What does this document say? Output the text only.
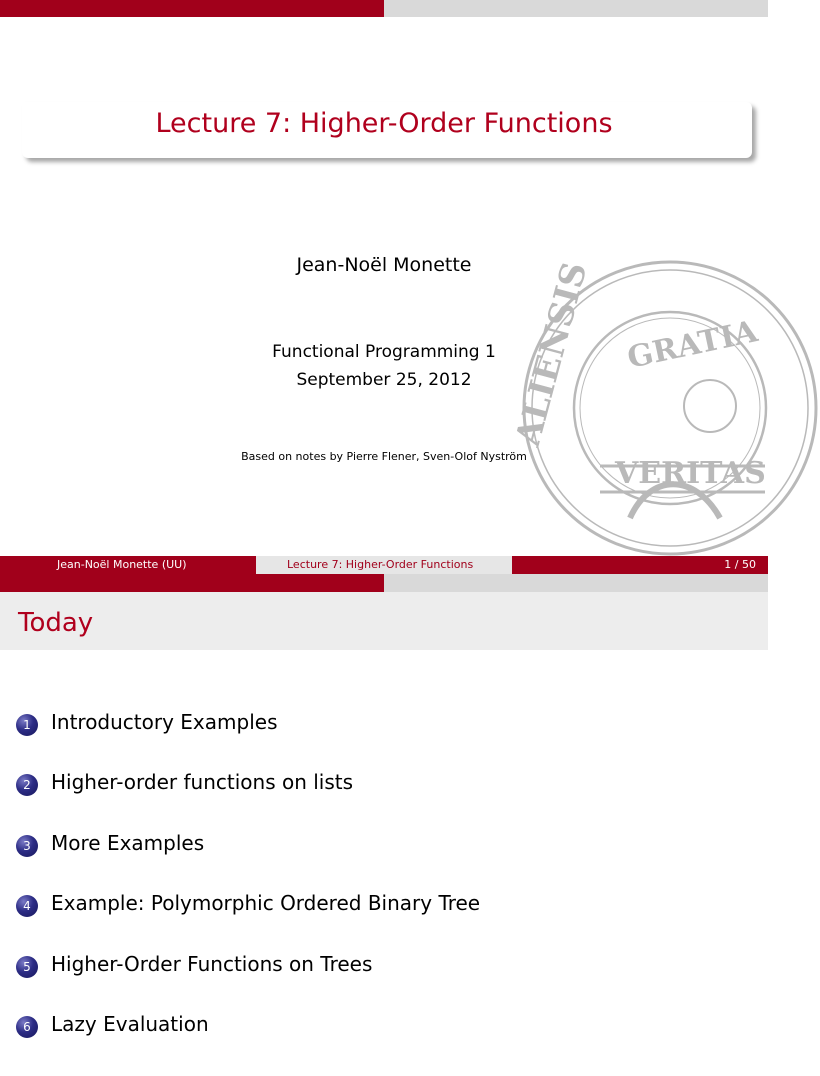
Lecture 7: Higher-Order Functions
ALIENSIS GRATIA
VERITAS
Jean-Noël Monette
Functional Programming 1
September 25, 2012
Based on notes by Pierre Flener, Sven-Olof Nyström
Jean-Noël Monette (UU)	Lecture 7: Higher-Order Functions	1 / 50
Today
1	Introductory Examples
2	Higher-order functions on lists
3	More Examples
4	Example: Polymorphic Ordered Binary Tree
5	Higher-Order Functions on Trees
6	Lazy Evaluation
